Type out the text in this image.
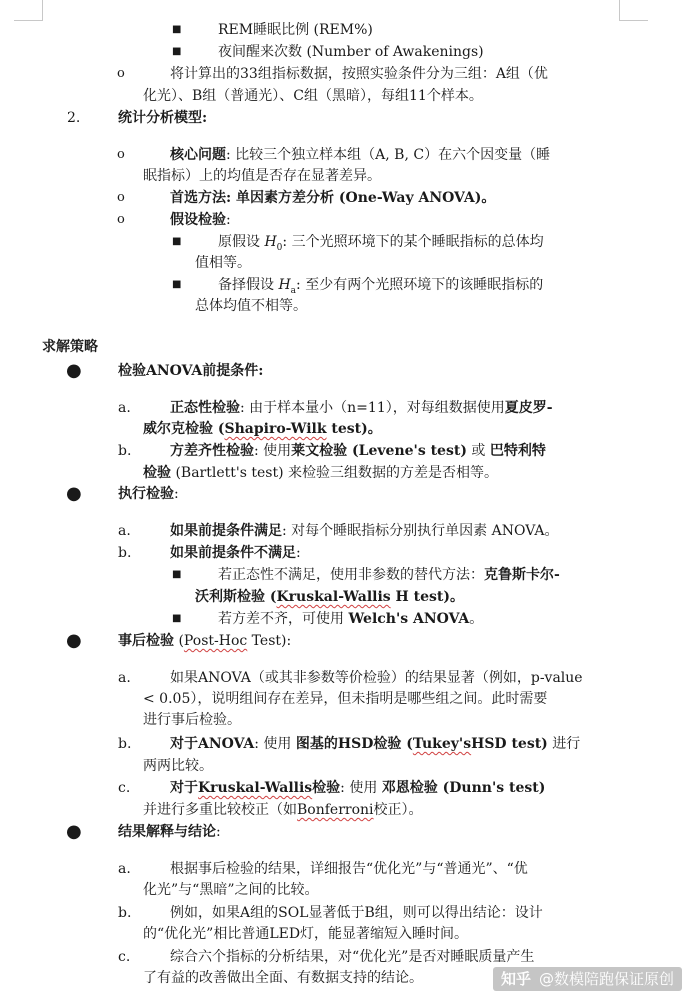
■	REM睡眠比例 (REM%)
■	夜间醒来次数 (Number of Awakenings)
o	将计算出的33组指标数据，按照实验条件分为三组：A组（优
化光）、B组（普通光）、C组（黑暗），每组11个样本。
2.	统计分析模型:
o	核心问题: 比较三个独立样本组（A, B, C）在六个因变量（睡
眠指标）上的均值是否存在显著差异。
o	首选方法: 单因素方差分析 (One-Way ANOVA)。
o	假设检验:
■	原假设 $H_0$: 三个光照环境下的某个睡眠指标的总体均
值相等。
■	备择假设 $H_a$: 至少有两个光照环境下的该睡眠指标的
总体均值不相等。
求解策略
●	检验ANOVA前提条件:
a.	正态性检验: 由于样本量小（n=11），对每组数据使用夏皮罗-
威尔克检验 (Shapiro-Wilk test)。
b.	方差齐性检验: 使用莱文检验 (Levene's test) 或 巴特利特
检验 (Bartlett's test) 来检验三组数据的方差是否相等。
●	执行检验:
a.	如果前提条件满足: 对每个睡眠指标分别执行单因素 ANOVA。
b.	如果前提条件不满足:
■	若正态性不满足，使用非参数的替代方法：克鲁斯卡尔-
沃利斯检验 (Kruskal-Wallis H test)。
■	若方差不齐，可使用 Welch's ANOVA。
●	事后检验 (Post-Hoc Test):
a.	如果ANOVA（或其非参数等价检验）的结果显著（例如，p-value
< 0.05），说明组间存在差异，但未指明是哪些组之间。此时需要
进行事后检验。
b.	对于ANOVA: 使用 图基的HSD检验 (Tukey'sHSD test) 进行
两两比较。
c.	对于Kruskal-Wallis检验: 使用 邓恩检验 (Dunn's test)
并进行多重比较校正（如Bonferroni校正）。
●	结果解释与结论:
a.	根据事后检验的结果，详细报告“优化光”与“普通光”、“优
化光”与“黑暗”之间的比较。
b.	例如，如果A组的SOL显著低于B组，则可以得出结论：设计
的“优化光”相比普通LED灯，能显著缩短入睡时间。
c.	综合六个指标的分析结果，对“优化光”是否对睡眠质量产生
了有益的改善做出全面、有数据支持的结论。	知乎 @数模陪跑保证原创
